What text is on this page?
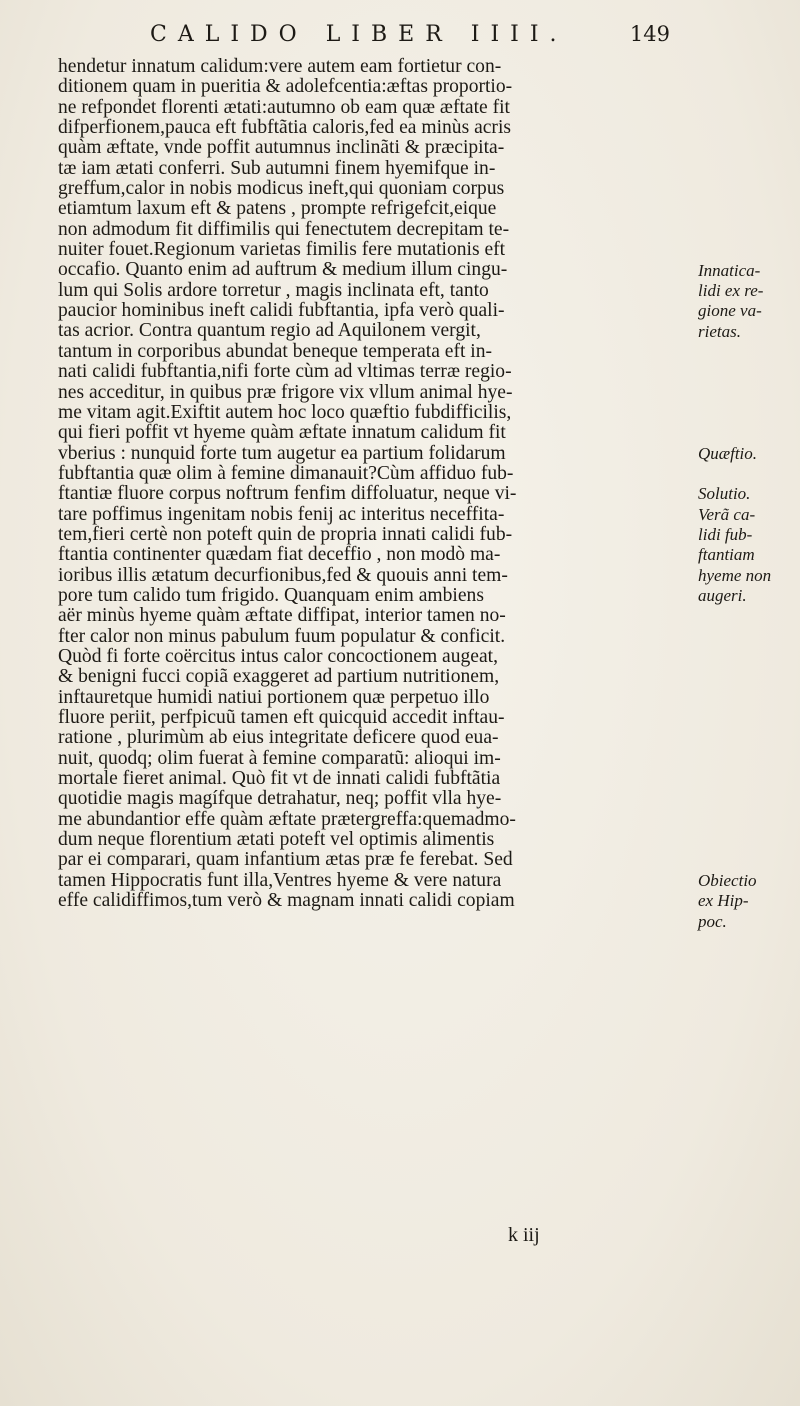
CALIDO LIBER IIII.	149
hendetur innatum calidum:vere autem eam fortietur con-
ditionem quam in pueritia & adolefcentia:æftas proportio-
ne refpondet florenti ætati:autumno ob eam quæ æftate fit
difperfionem,pauca eft fubftãtia caloris,fed ea minùs acris
quàm æftate, vnde poffit autumnus inclinãti & præcipita-
tæ iam ætati conferri. Sub autumni finem hyemifque in-
greffum,calor in nobis modicus ineft,qui quoniam corpus
etiamtum laxum eft & patens , prompte refrigefcit,eique
non admodum fit diffimilis qui fenectutem decrepitam te-
nuiter fouet.Regionum varietas fimilis fere mutationis eft
occafio. Quanto enim ad auftrum & medium illum cingu-
lum qui Solis ardore torretur , magis inclinata eft, tanto
paucior hominibus ineft calidi fubftantia, ipfa verò quali-
tas acrior. Contra quantum regio ad Aquilonem vergit,
tantum in corporibus abundat beneque temperata eft in-
nati calidi fubftantia,nifi forte cùm ad vltimas terræ regio-
nes acceditur, in quibus præ frigore vix vllum animal hye-
me vitam agit.Exiftit autem hoc loco quæftio fubdifficilis,
qui fieri poffit vt hyeme quàm æftate innatum calidum fit
vberius : nunquid forte tum augetur ea partium folidarum
fubftantia quæ olim à femine dimanauit?Cùm affiduo fub-
ftantiæ fluore corpus noftrum fenfim diffoluatur, neque vi-
tare poffimus ingenitam nobis fenij ac interitus neceffita-
tem,fieri certè non poteft quin de propria innati calidi fub-
ftantia continenter quædam fiat deceffio , non modò ma-
ioribus illis ætatum decurfionibus,fed & quouis anni tem-
pore tum calido tum frigido. Quanquam enim ambiens
aër minùs hyeme quàm æftate diffipat, interior tamen no-
fter calor non minus pabulum fuum populatur & conficit.
Quòd fi forte coërcitus intus calor concoctionem augeat,
& benigni fucci copiã exaggeret ad partium nutritionem,
inftauretque humidi natiui portionem quæ perpetuo illo
fluore periit, perfpicuũ tamen eft quicquid accedit inftau-
ratione , plurimùm ab eius integritate deficere quod eua-
nuit, quodq; olim fuerat à femine comparatũ: alioqui im-
mortale fieret animal. Quò fit vt de innati calidi fubftãtia
quotidie magis magífque detrahatur, neq; poffit vlla hye-
me abundantior effe quàm æftate prætergreffa:quemadmo-
dum neque florentium ætati poteft vel optimis alimentis
par ei comparari, quam infantium ætas præ fe ferebat. Sed
tamen Hippocratis funt illa,Ventres hyeme & vere natura
effe calidiffimos,tum verò & magnam innati calidi copiam
Innatica-
lidi ex re-
gione va-
rietas.
Quæftio.
Solutio.
Verã ca-
lidi fub-
ftantiam
hyeme non
augeri.
Obiectio
ex Hip-
poc.
k iij
